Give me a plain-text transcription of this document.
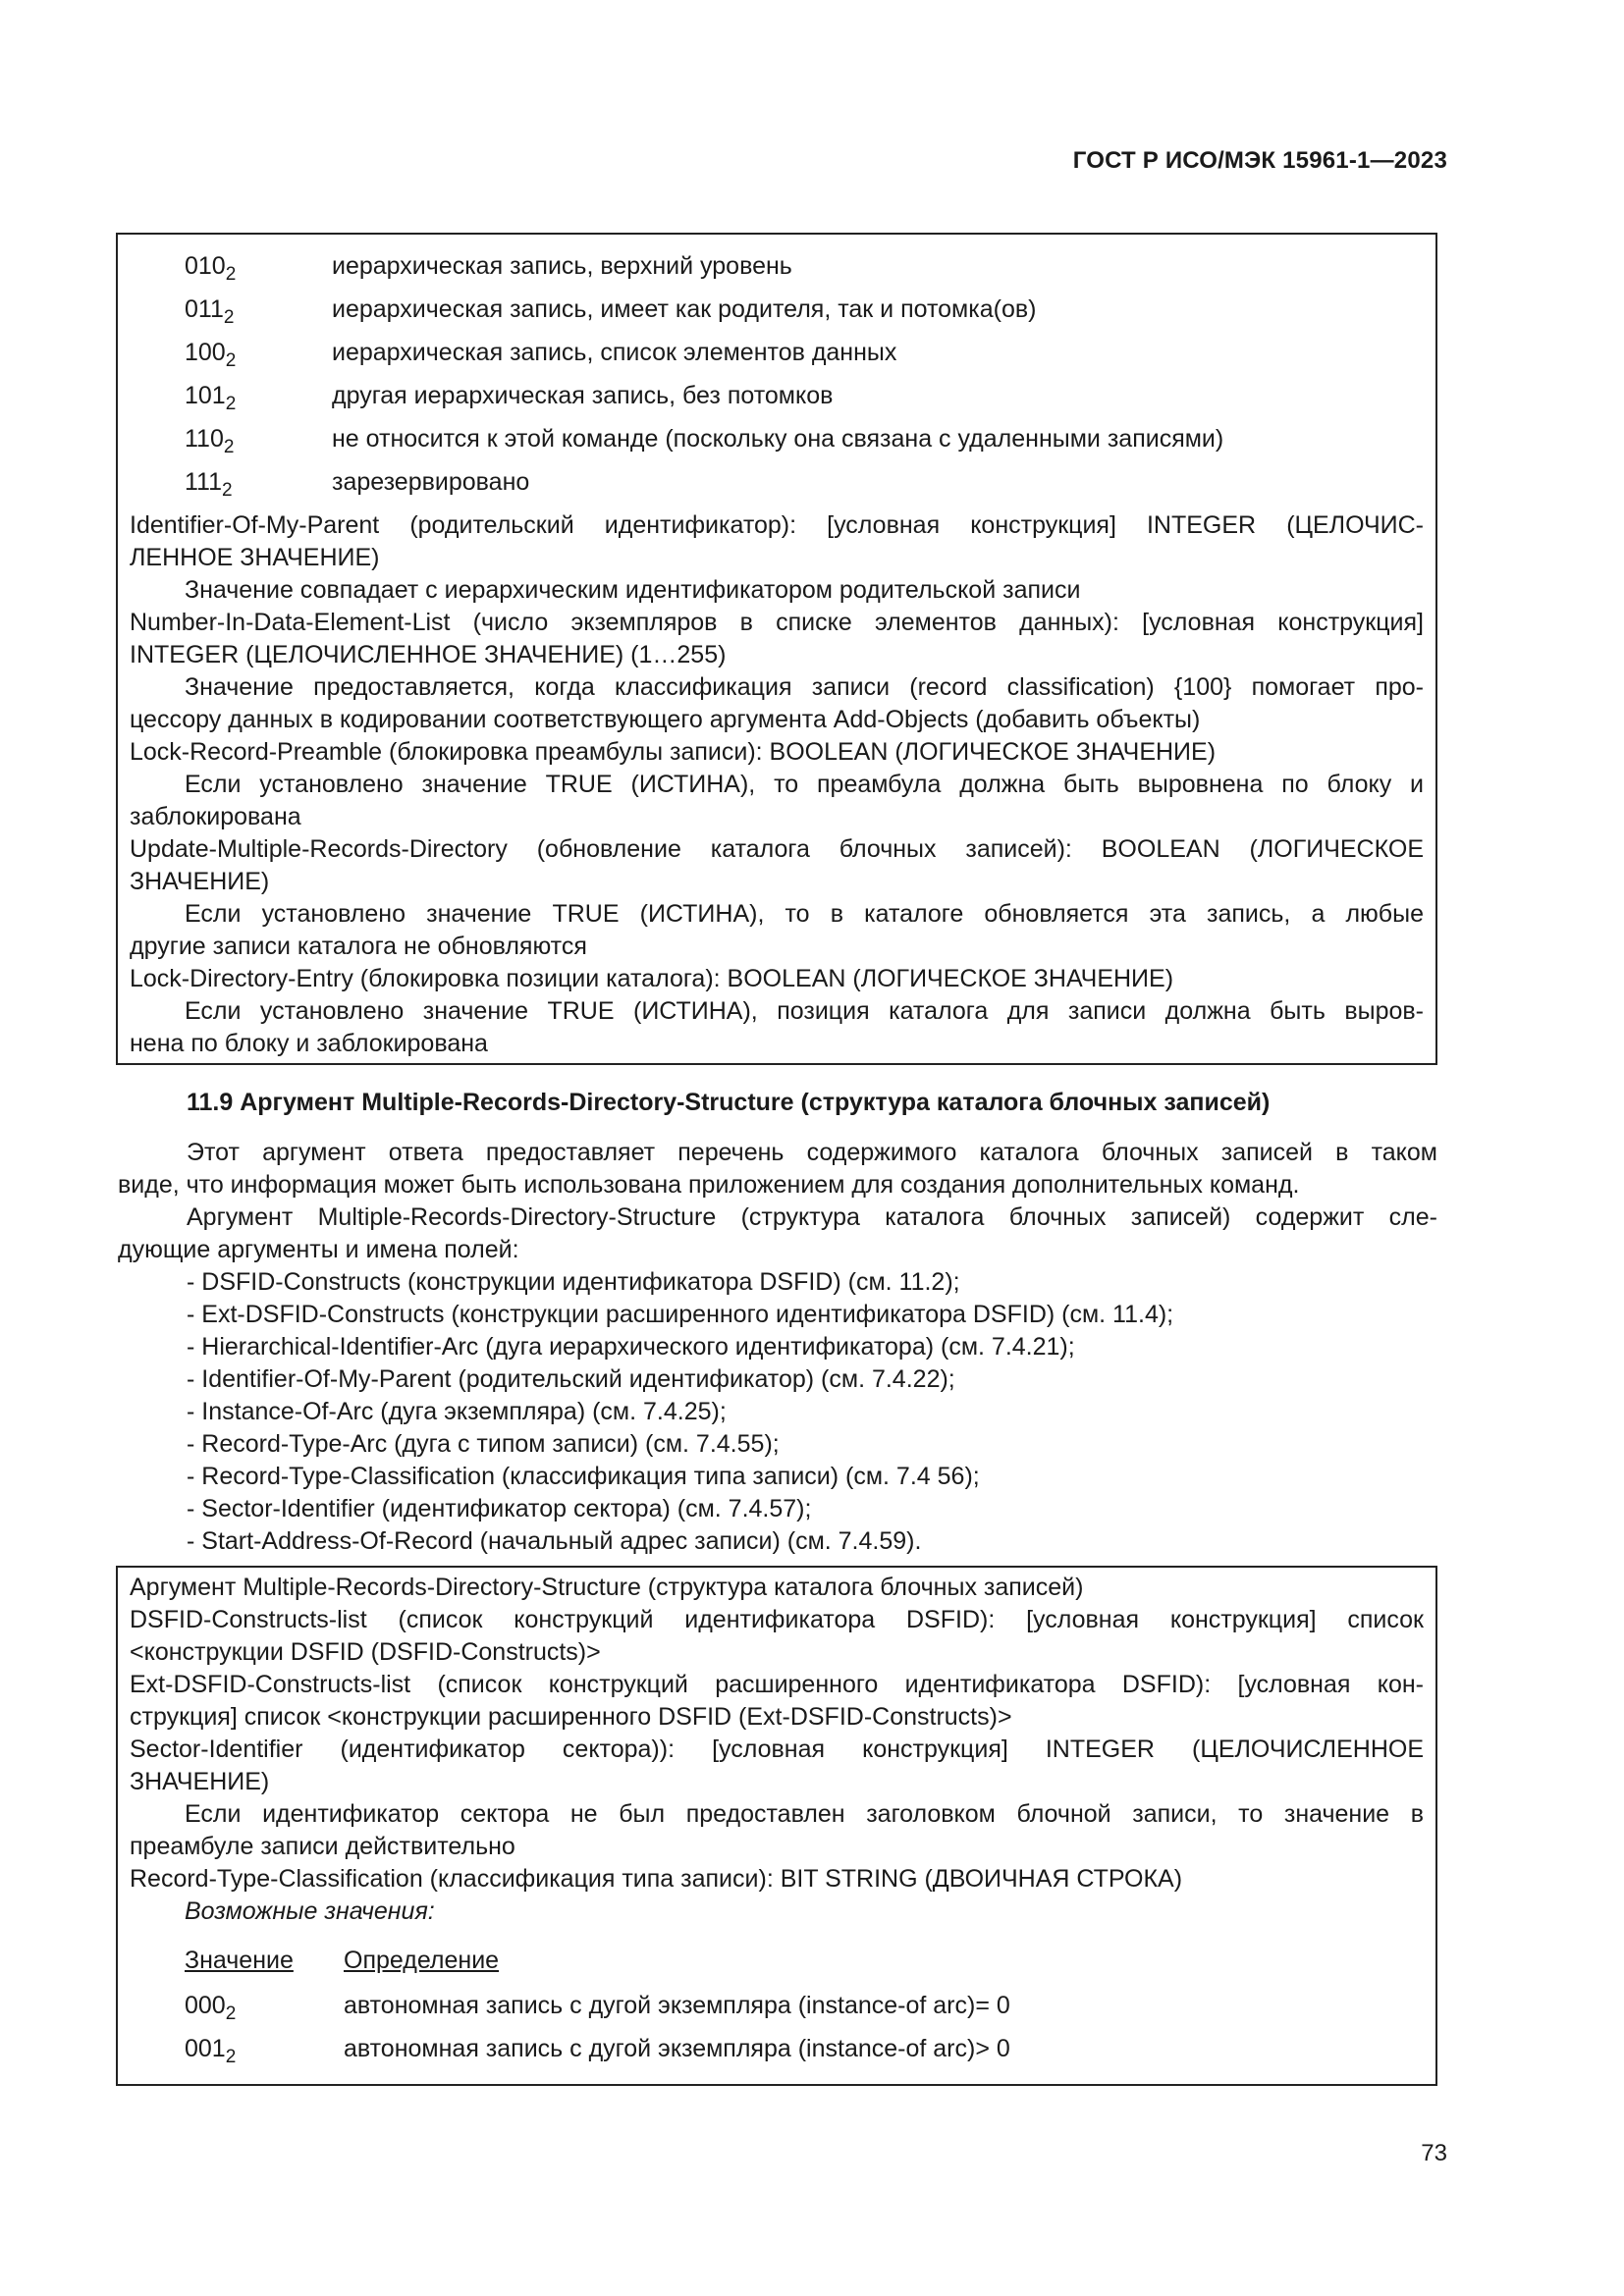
ГОСТ Р ИСО/МЭК 15961-1—2023
$010_2$	иерархическая запись, верхний уровень
$011_2$	иерархическая запись, имеет как родителя, так и потомка(ов)
$100_2$	иерархическая запись, список элементов данных
$101_2$	другая иерархическая запись, без потомков
$110_2$	не относится к этой команде (поскольку она связана с удаленными записями)
$111_2$	зарезервировано
Identifier-Of-My-Parent (родительский идентификатор): [условная конструкция] INTEGER (ЦЕЛОЧИС-
ЛЕННОЕ ЗНАЧЕНИЕ)
Значение совпадает с иерархическим идентификатором родительской записи
Number-In-Data-Element-List (число экземпляров в списке элементов данных): [условная конструкция]
INTEGER (ЦЕЛОЧИСЛЕННОЕ ЗНАЧЕНИЕ) (1…255)
Значение предоставляется, когда классификация записи (record classification) {100} помогает про-
цессору данных в кодировании соответствующего аргумента Add-Objects (добавить объекты)
Lock-Record-Preamble (блокировка преамбулы записи): BOOLEAN (ЛОГИЧЕСКОЕ ЗНАЧЕНИЕ)
Если установлено значение TRUE (ИСТИНА), то преамбула должна быть выровнена по блоку и
заблокирована
Update-Multiple-Records-Directory (обновление каталога блочных записей): BOOLEAN (ЛОГИЧЕСКОЕ
ЗНАЧЕНИЕ)
Если установлено значение TRUE (ИСТИНА), то в каталоге обновляется эта запись, а любые
другие записи каталога не обновляются
Lock-Directory-Entry (блокировка позиции каталога): BOOLEAN (ЛОГИЧЕСКОЕ ЗНАЧЕНИЕ)
Если установлено значение TRUE (ИСТИНА), позиция каталога для записи должна быть выров-
нена по блоку и заблокирована
11.9 Аргумент Multiple-Records-Directory-Structure (структура каталога блочных записей)
Этот аргумент ответа предоставляет перечень содержимого каталога блочных записей в таком
виде, что информация может быть использована приложением для создания дополнительных команд.
Аргумент Multiple-Records-Directory-Structure (структура каталога блочных записей) содержит сле-
дующие аргументы и имена полей:
- DSFID-Constructs (конструкции идентификатора DSFID) (см. 11.2);
- Ext-DSFID-Constructs (конструкции расширенного идентификатора DSFID) (см. 11.4);
- Hierarchical-Identifier-Arc (дуга иерархического идентификатора) (см. 7.4.21);
- Identifier-Of-My-Parent (родительский идентификатор) (см. 7.4.22);
- Instance-Of-Arc (дуга экземпляра) (см. 7.4.25);
- Record-Type-Arc (дуга с типом записи) (см. 7.4.55);
- Record-Type-Classification (классификация типа записи) (см. 7.4 56);
- Sector-Identifier (идентификатор сектора) (см. 7.4.57);
- Start-Address-Of-Record (начальный адрес записи) (см. 7.4.59).
Аргумент Multiple-Records-Directory-Structure (структура каталога блочных записей)
DSFID-Constructs-list (список конструкций идентификатора DSFID): [условная конструкция] список
<конструкции DSFID (DSFID-Constructs)>
Ext-DSFID-Constructs-list (список конструкций расширенного идентификатора DSFID): [условная кон-
струкция] список <конструкции расширенного DSFID (Ext-DSFID-Constructs)>
Sector-Identifier (идентификатор сектора)): [условная конструкция] INTEGER (ЦЕЛОЧИСЛЕННОЕ
ЗНАЧЕНИЕ)
Если идентификатор сектора не был предоставлен заголовком блочной записи, то значение в
преамбуле записи действительно
Record-Type-Classification (классификация типа записи): BIT STRING (ДВОИЧНАЯ СТРОКА)
Возможные значения:
Значение Определение
$000_2$	автономная запись с дугой экземпляра (instance-of arc)= 0
$001_2$	автономная запись с дугой экземпляра (instance-of arc)> 0
73
